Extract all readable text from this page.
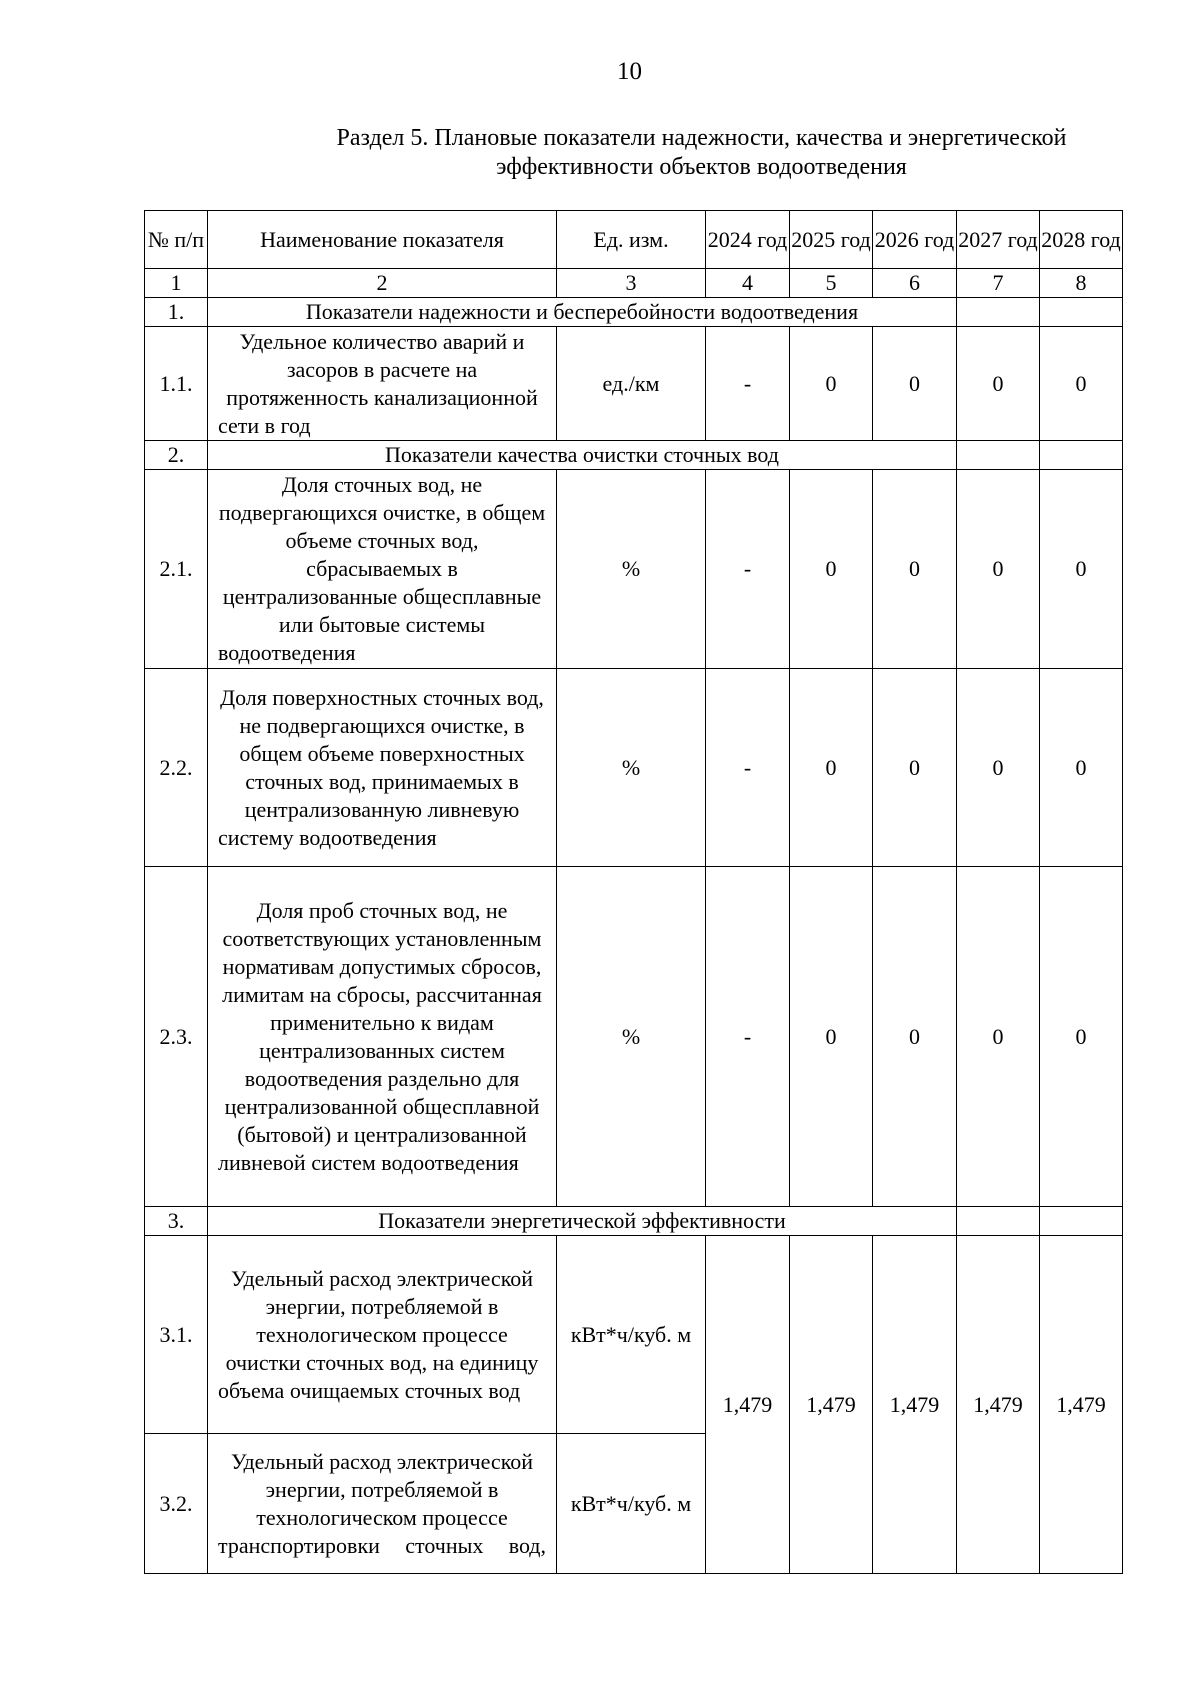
10
Раздел 5. Плановые показатели надежности, качества и энергетической
эффективности объектов водоотведения
№ п/п	Наименование показателя	Ед. изм.	2024 год	2025 год	2026 год	2027 год	2028 год
1	2	3	4	5	6	7	8
1.	Показатели надежности и бесперебойности водоотведения						
1.1.	Удельное количество аварий и засоров в расчете на протяженность канализационной сети в год	ед./км	-	0	0	0	0
2.	Показатели качества очистки сточных вод						
2.1.	Доля сточных вод, не подвергающихся очистке, в общем объеме сточных вод, сбрасываемых в централизованные общесплавные или бытовые системы водоотведения	%	-	0	0	0	0
2.2.	Доля поверхностных сточных вод, не подвергающихся очистке, в общем объеме поверхностных сточных вод, принимаемых в централизованную ливневую систему водоотведения	%	-	0	0	0	0
2.3.	Доля проб сточных вод, не соответствующих установленным нормативам допустимых сбросов, лимитам на сбросы, рассчитанная применительно к видам централизованных систем водоотведения раздельно для централизованной общесплавной (бытовой) и централизованной ливневой систем водоотведения	%	-	0	0	0	0
3.	Показатели энергетической эффективности						
3.1.	Удельный расход электрической энергии, потребляемой в технологическом процессе очистки сточных вод, на единицу объема очищаемых сточных вод	кВт*ч/куб. м	1,479	1,479	1,479	1,479	1,479
3.2.	Удельный расход электрической энергии, потребляемой в технологическом процессе транспортировки сточных вод,	кВт*ч/куб. м					
